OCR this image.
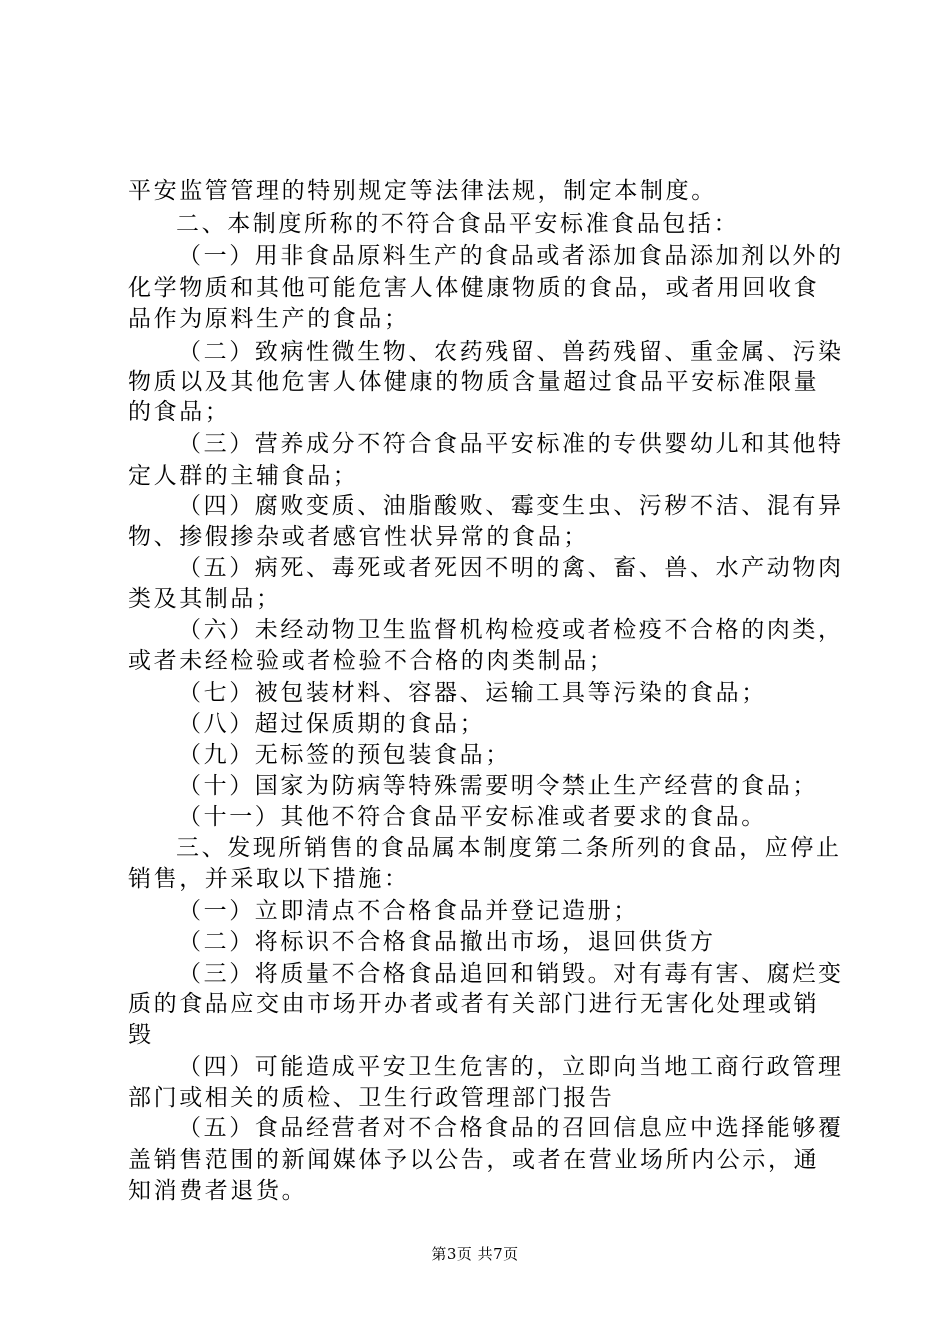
平安监管管理的特别规定等法律法规，制定本制度。
二、本制度所称的不符合食品平安标准食品包括：
（一）用非食品原料生产的食品或者添加食品添加剂以外的
化学物质和其他可能危害人体健康物质的食品，或者用回收食
品作为原料生产的食品；
（二）致病性微生物、农药残留、兽药残留、重金属、污染
物质以及其他危害人体健康的物质含量超过食品平安标准限量
的食品；
（三）营养成分不符合食品平安标准的专供婴幼儿和其他特
定人群的主辅食品；
（四）腐败变质、油脂酸败、霉变生虫、污秽不洁、混有异
物、掺假掺杂或者感官性状异常的食品；
（五）病死、毒死或者死因不明的禽、畜、兽、水产动物肉
类及其制品；
（六）未经动物卫生监督机构检疫或者检疫不合格的肉类，
或者未经检验或者检验不合格的肉类制品；
（七）被包装材料、容器、运输工具等污染的食品；
（八）超过保质期的食品；
（九）无标签的预包装食品；
（十）国家为防病等特殊需要明令禁止生产经营的食品；
（十一）其他不符合食品平安标准或者要求的食品。
三、发现所销售的食品属本制度第二条所列的食品，应停止
销售，并采取以下措施：
（一）立即清点不合格食品并登记造册；
（二）将标识不合格食品撤出市场，退回供货方
（三）将质量不合格食品追回和销毁。对有毒有害、腐烂变
质的食品应交由市场开办者或者有关部门进行无害化处理或销
毁
（四）可能造成平安卫生危害的，立即向当地工商行政管理
部门或相关的质检、卫生行政管理部门报告
（五）食品经营者对不合格食品的召回信息应中选择能够覆
盖销售范围的新闻媒体予以公告，或者在营业场所内公示，通
知消费者退货。
第3页 共7页
